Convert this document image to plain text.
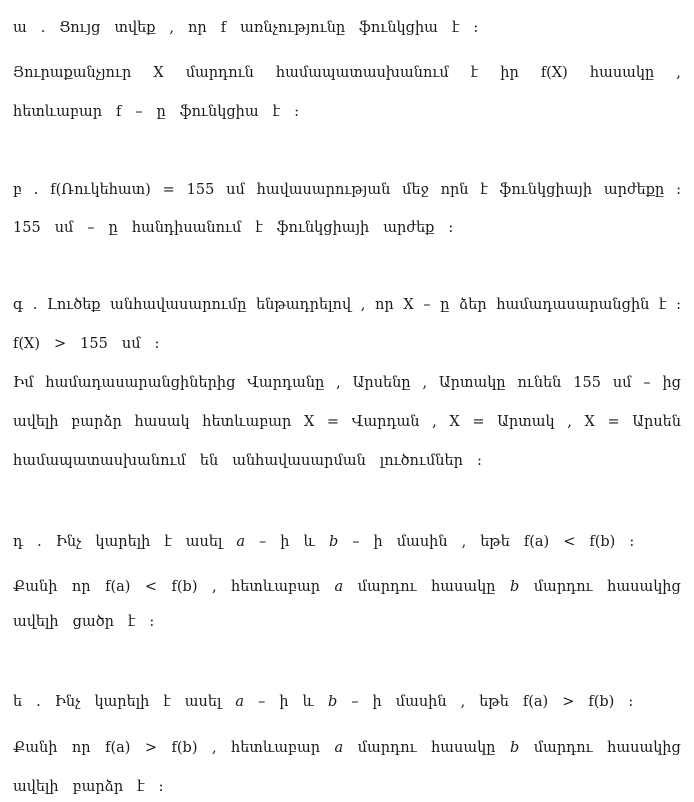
ա . Ցույց տվեք , որ f առնչությունը ֆունկցիա է :
Յուրաքանչյուր X մարդուն համապատասխանում է իր f(X) հասակը ,
հետևաբար f – ը ֆունկցիա է :
բ . f(Ռուկեհատ) = 155 սմ հավասարության մեջ որն է ֆունկցիայի արժեքը :
155 սմ – ը հանդիսանում է ֆունկցիայի արժեք :
գ . Լուծեք անհավասարումը ենթադրելով , որ X – ը ձեր համադասարանցին է :
f(X) > 155 սմ :
Իմ համադասարանցիներից Վարդանը , Արսենը , Արտակը ունեն 155 սմ – ից
ավելի բարձր հասակ հետևաբար X = Վարդան , X = Արտակ , X = Արսեն
համապատասխանում են անհավասարման լուծումներ :
դ . Ինչ կարելի է ասել a – ի և b – ի մասին , եթե f(a) < f(b) :
Քանի որ f(a) < f(b) , հետևաբար a մարդու հասակը b մարդու հասակից
ավելի ցածր է :
ե . Ինչ կարելի է ասել a – ի և b – ի մասին , եթե f(a) > f(b) :
Քանի որ f(a) > f(b) , հետևաբար a մարդու հասակը b մարդու հասակից
ավելի բարձր է :
